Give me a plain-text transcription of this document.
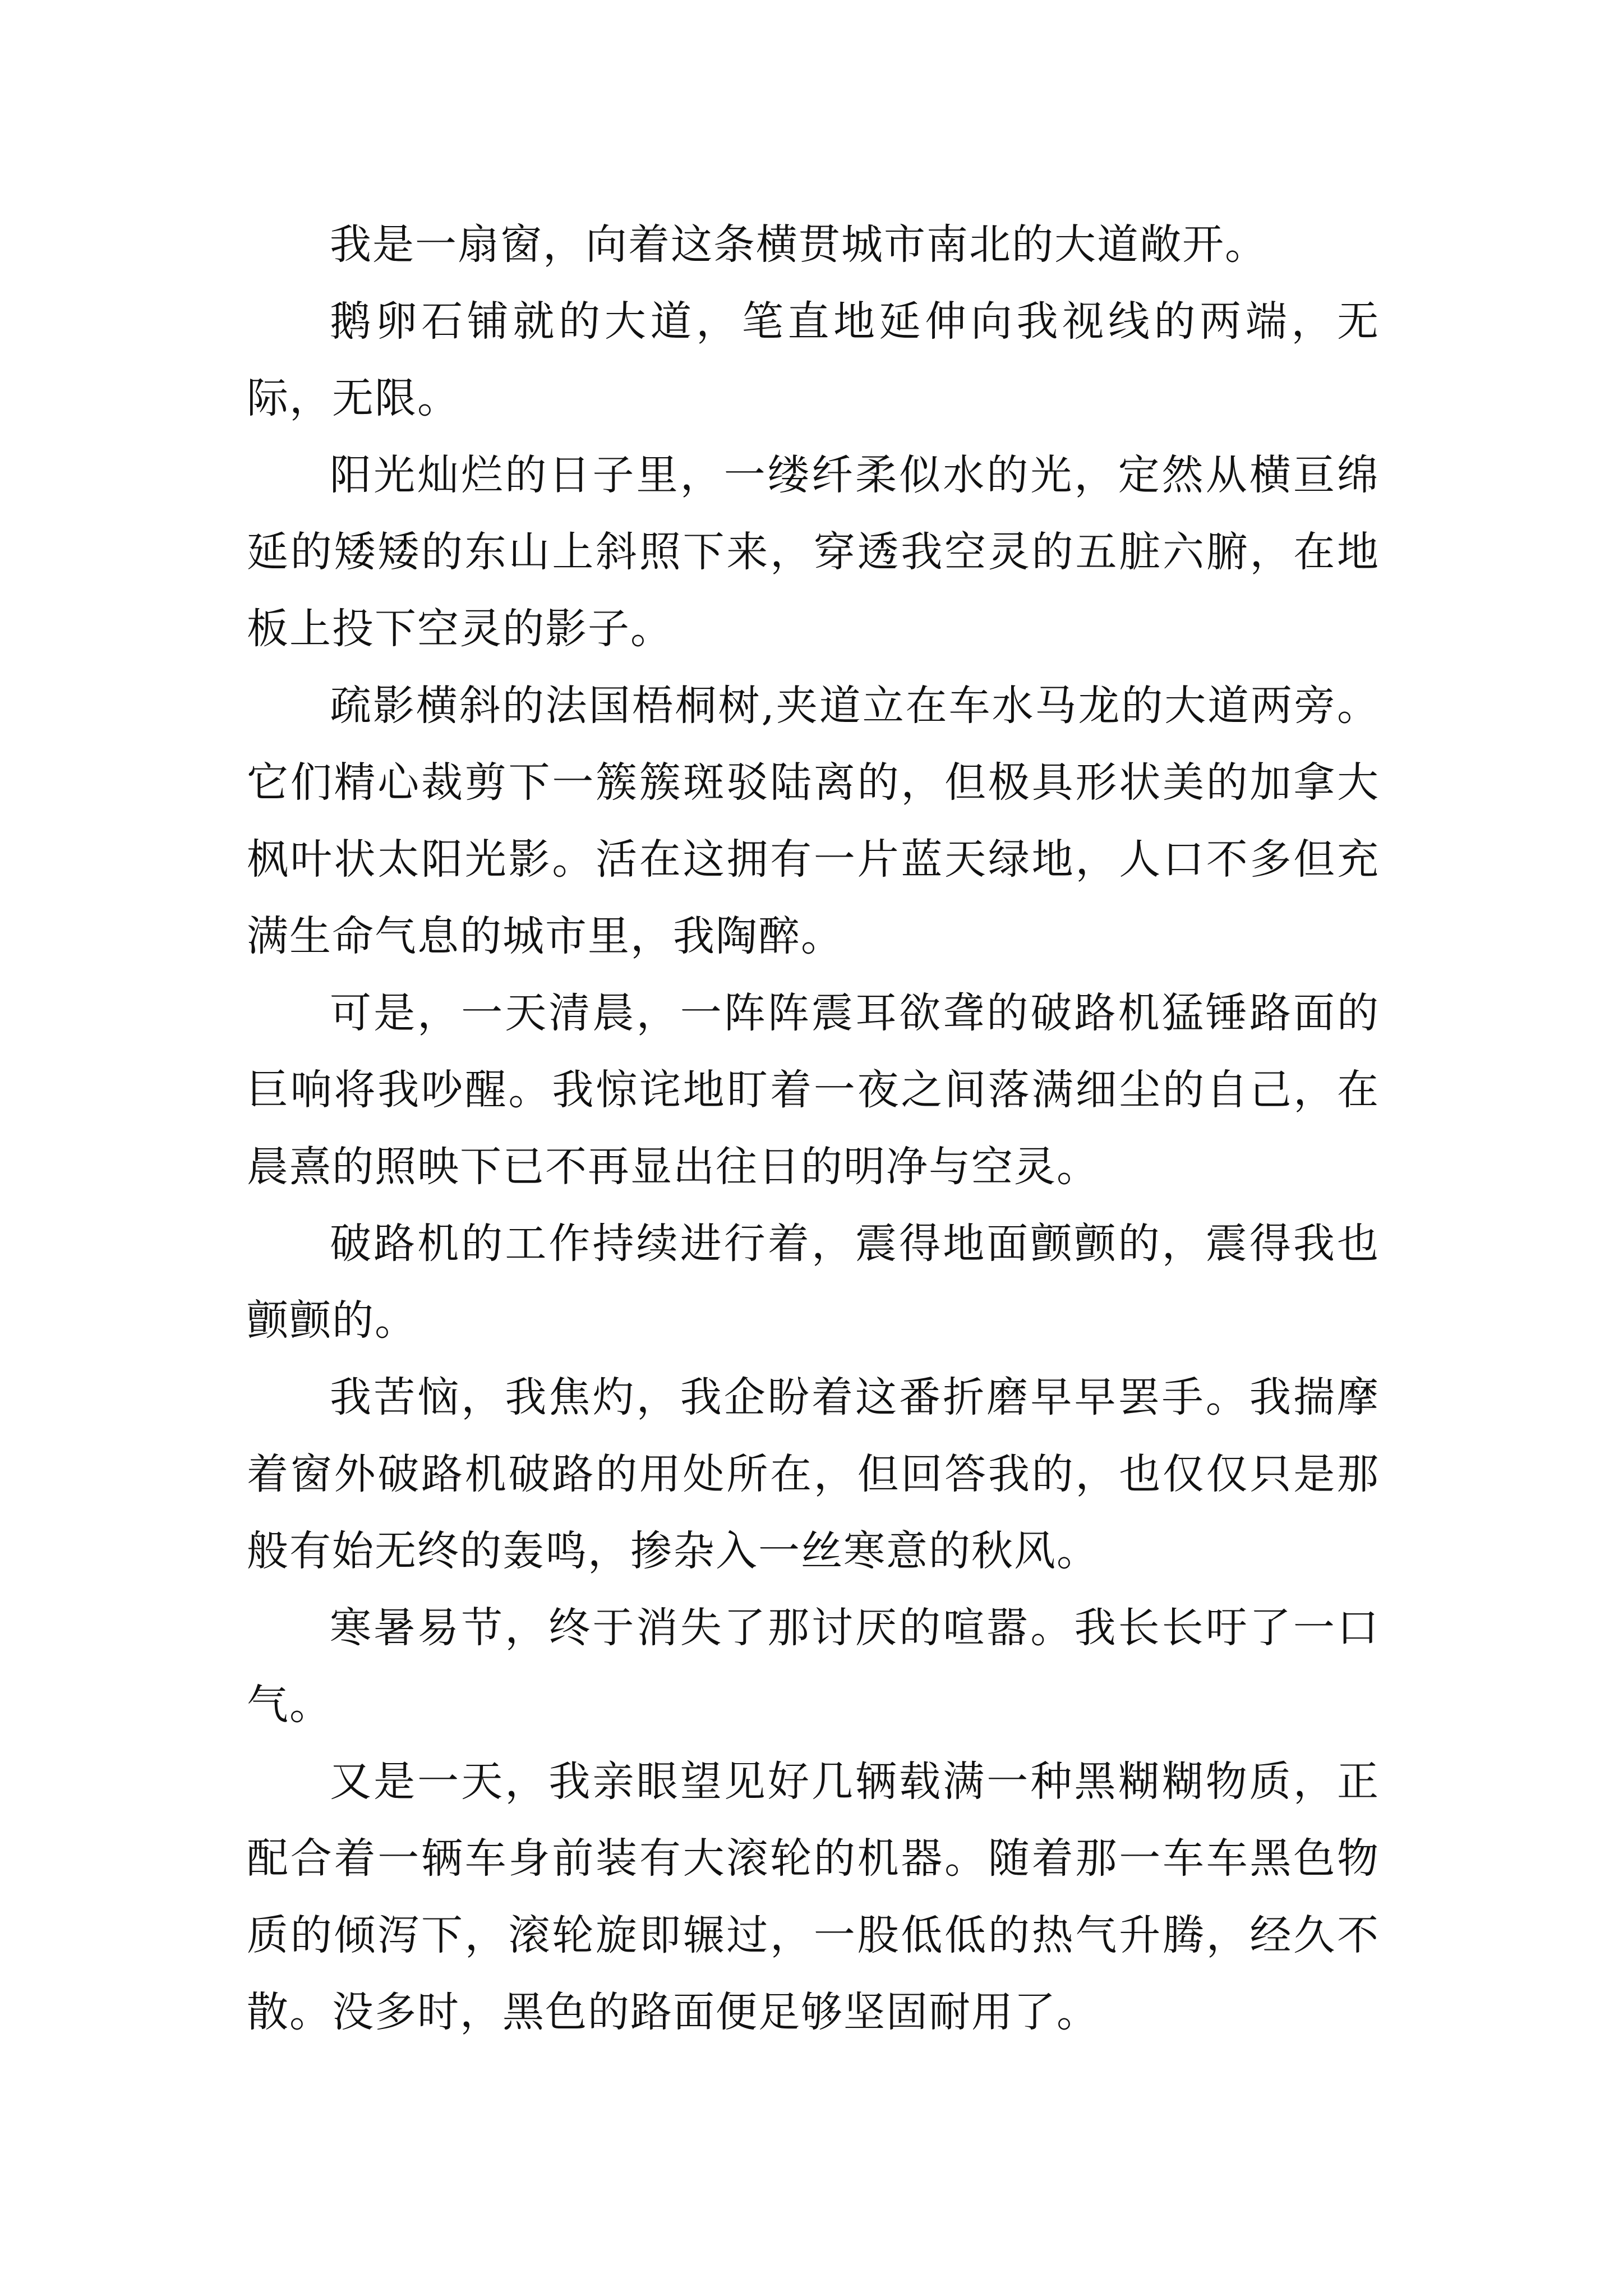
我是一扇窗，向着这条横贯城市南北的大道敞开。

鹅卵石铺就的大道，笔直地延伸向我视线的两端，无际，无限。

阳光灿烂的日子里，一缕纤柔似水的光，定然从横亘绵延的矮矮的东山上斜照下来，穿透我空灵的五脏六腑，在地板上投下空灵的影子。

疏影横斜的法国梧桐树,夹道立在车水马龙的大道两旁。它们精心裁剪下一簇簇斑驳陆离的，但极具形状美的加拿大枫叶状太阳光影。活在这拥有一片蓝天绿地，人口不多但充满生命气息的城市里，我陶醉。

可是，一天清晨，一阵阵震耳欲聋的破路机猛锤路面的巨响将我吵醒。我惊诧地盯着一夜之间落满细尘的自己，在晨熹的照映下已不再显出往日的明净与空灵。

破路机的工作持续进行着，震得地面颤颤的，震得我也颤颤的。

我苦恼，我焦灼，我企盼着这番折磨早早罢手。我揣摩着窗外破路机破路的用处所在，但回答我的，也仅仅只是那般有始无终的轰鸣，掺杂入一丝寒意的秋风。

寒暑易节，终于消失了那讨厌的喧嚣。我长长吁了一口气。

又是一天，我亲眼望见好几辆载满一种黑糊糊物质，正配合着一辆车身前装有大滚轮的机器。随着那一车车黑色物质的倾泻下，滚轮旋即辗过，一股低低的热气升腾，经久不散。没多时，黑色的路面便足够坚固耐用了。
